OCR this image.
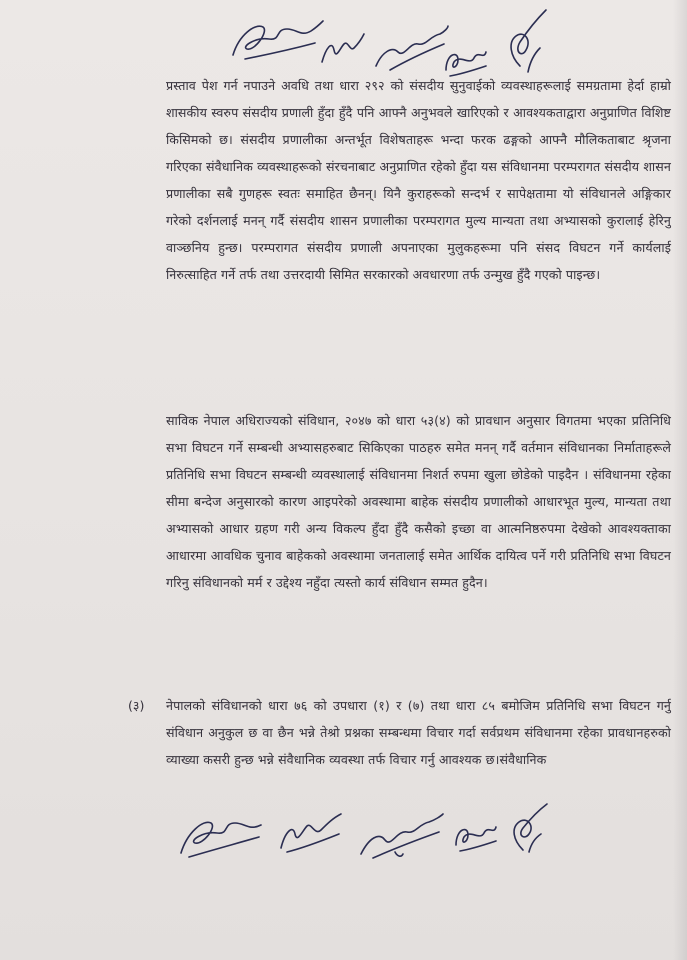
प्रस्ताव पेश गर्न नपाउने अवधि तथा धारा २९२ को संसदीय सुनुवाईको व्यवस्थाहरूलाई समग्रतामा हेर्दा हाम्रो शासकीय स्वरुप संसदीय प्रणाली हुँदा हुँदै पनि आफ्नै अनुभवले खारिएको र आवश्यकताद्वारा अनुप्राणित विशिष्ट किसिमको छ। संसदीय प्रणालीका अन्तर्भूत विशेषताहरू भन्दा फरक ढङ्गको आफ्नै मौलिकताबाट श्रृजना गरिएका संवैधानिक व्यवस्थाहरूको संरचनाबाट अनुप्राणित रहेको हुँदा यस संविधानमा परम्परागत संसदीय शासन प्रणालीका सबै गुणहरू स्वतः समाहित छैनन्। यिनै कुराहरूको सन्दर्भ र सापेक्षतामा यो संविधानले अङ्गिकार गरेको दर्शनलाई मनन् गर्दै संसदीय शासन प्रणालीका परम्परागत मुल्य मान्यता तथा अभ्यासको कुरालाई हेरिनु वाञ्छनिय हुन्छ। परम्परागत संसदीय प्रणाली अपनाएका मुलुकहरूमा पनि संसद विघटन गर्ने कार्यलाई निरुत्साहित गर्ने तर्फ तथा उत्तरदायी सिमित सरकारको अवधारणा तर्फ उन्मुख हुँदै गएको पाइन्छ।
साविक नेपाल अधिराज्यको संविधान, २०४७ को धारा ५३(४) को प्रावधान अनुसार विगतमा भएका प्रतिनिधि सभा विघटन गर्ने सम्बन्धी अभ्यासहरुबाट सिकिएका पाठहरु समेत मनन् गर्दै वर्तमान संविधानका निर्माताहरूले प्रतिनिधि सभा विघटन सम्बन्धी व्यवस्थालाई संविधानमा निशर्त रुपमा खुला छोडेको पाइदैन । संविधानमा रहेका सीमा बन्देज अनुसारको कारण आइपरेको अवस्थामा बाहेक संसदीय प्रणालीको आधारभूत मुल्य, मान्यता तथा अभ्यासको आधार ग्रहण गरी अन्य विकल्प हुँदा हुँदै कसैको इच्छा वा आत्मनिष्ठरुपमा देखेको आवश्यक्ताका आधारमा आवधिक चुनाव बाहेकको अवस्थामा जनतालाई समेत आर्थिक दायित्व पर्ने गरी प्रतिनिधि सभा विघटन गरिनु संविधानको मर्म र उद्देश्य नहुँदा त्यस्तो कार्य संविधान सम्मत हुदैन।
(३) नेपालको संविधानको धारा ७६ को उपधारा (१) र (७) तथा धारा ८५ बमोजिम प्रतिनिधि सभा विघटन गर्नु संविधान अनुकुल छ वा छैन भन्ने तेश्रो प्रश्नका सम्बन्धमा विचार गर्दा सर्वप्रथम संविधानमा रहेका प्रावधानहरुको व्याख्या कसरी हुन्छ भन्ने संवैधानिक व्यवस्था तर्फ विचार गर्नु आवश्यक छ।संवैधानिक
